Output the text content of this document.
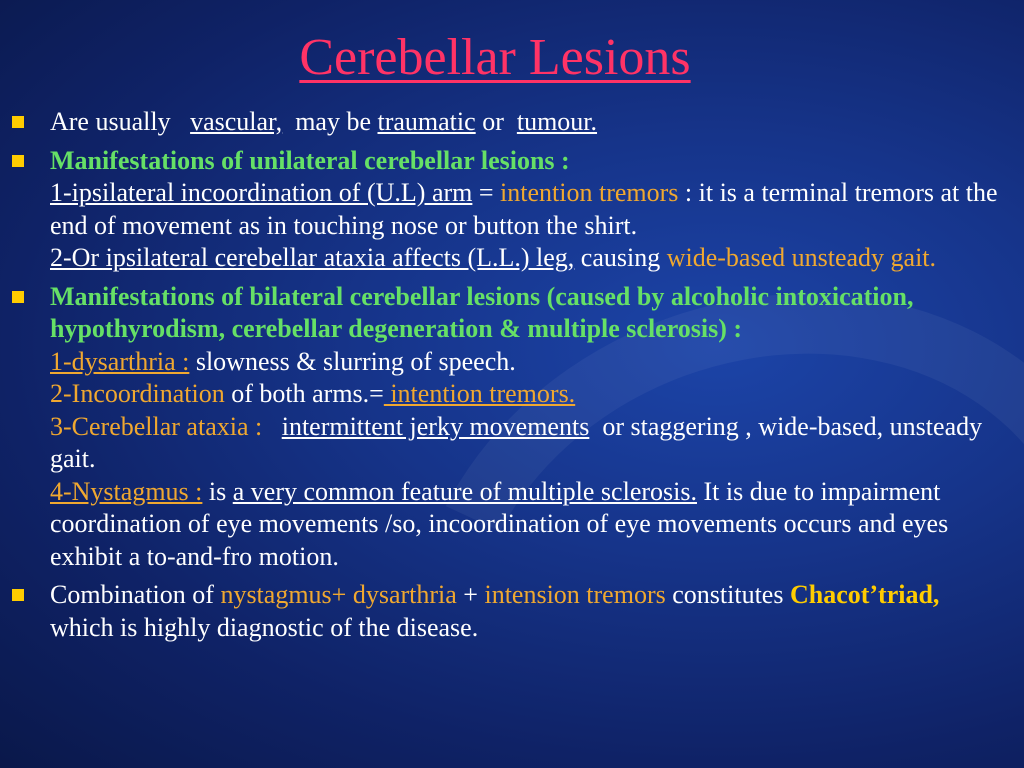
Cerebellar Lesions
Are usually vascular, may be traumatic or tumour.
Manifestations of unilateral cerebellar lesions :
1-ipsilateral incoordination of (U.L) arm = intention tremors : it is a terminal tremors at the end of movement as in touching nose or button the shirt.
2-Or ipsilateral cerebellar ataxia affects (L.L.) leg, causing wide-based unsteady gait.
Manifestations of bilateral cerebellar lesions (caused by alcoholic intoxication, hypothyrodism, cerebellar degeneration & multiple sclerosis) :
1-dysarthria : slowness & slurring of speech.
2-Incoordination of both arms.= intention tremors.
3-Cerebellar ataxia : intermittent jerky movements or staggering , wide-based, unsteady gait.
4-Nystagmus : is a very common feature of multiple sclerosis. It is due to impairment coordination of eye movements /so, incoordination of eye movements occurs and eyes exhibit a to-and-fro motion.
Combination of nystagmus+ dysarthria + intension tremors constitutes Chacot’triad, which is highly diagnostic of the disease.
